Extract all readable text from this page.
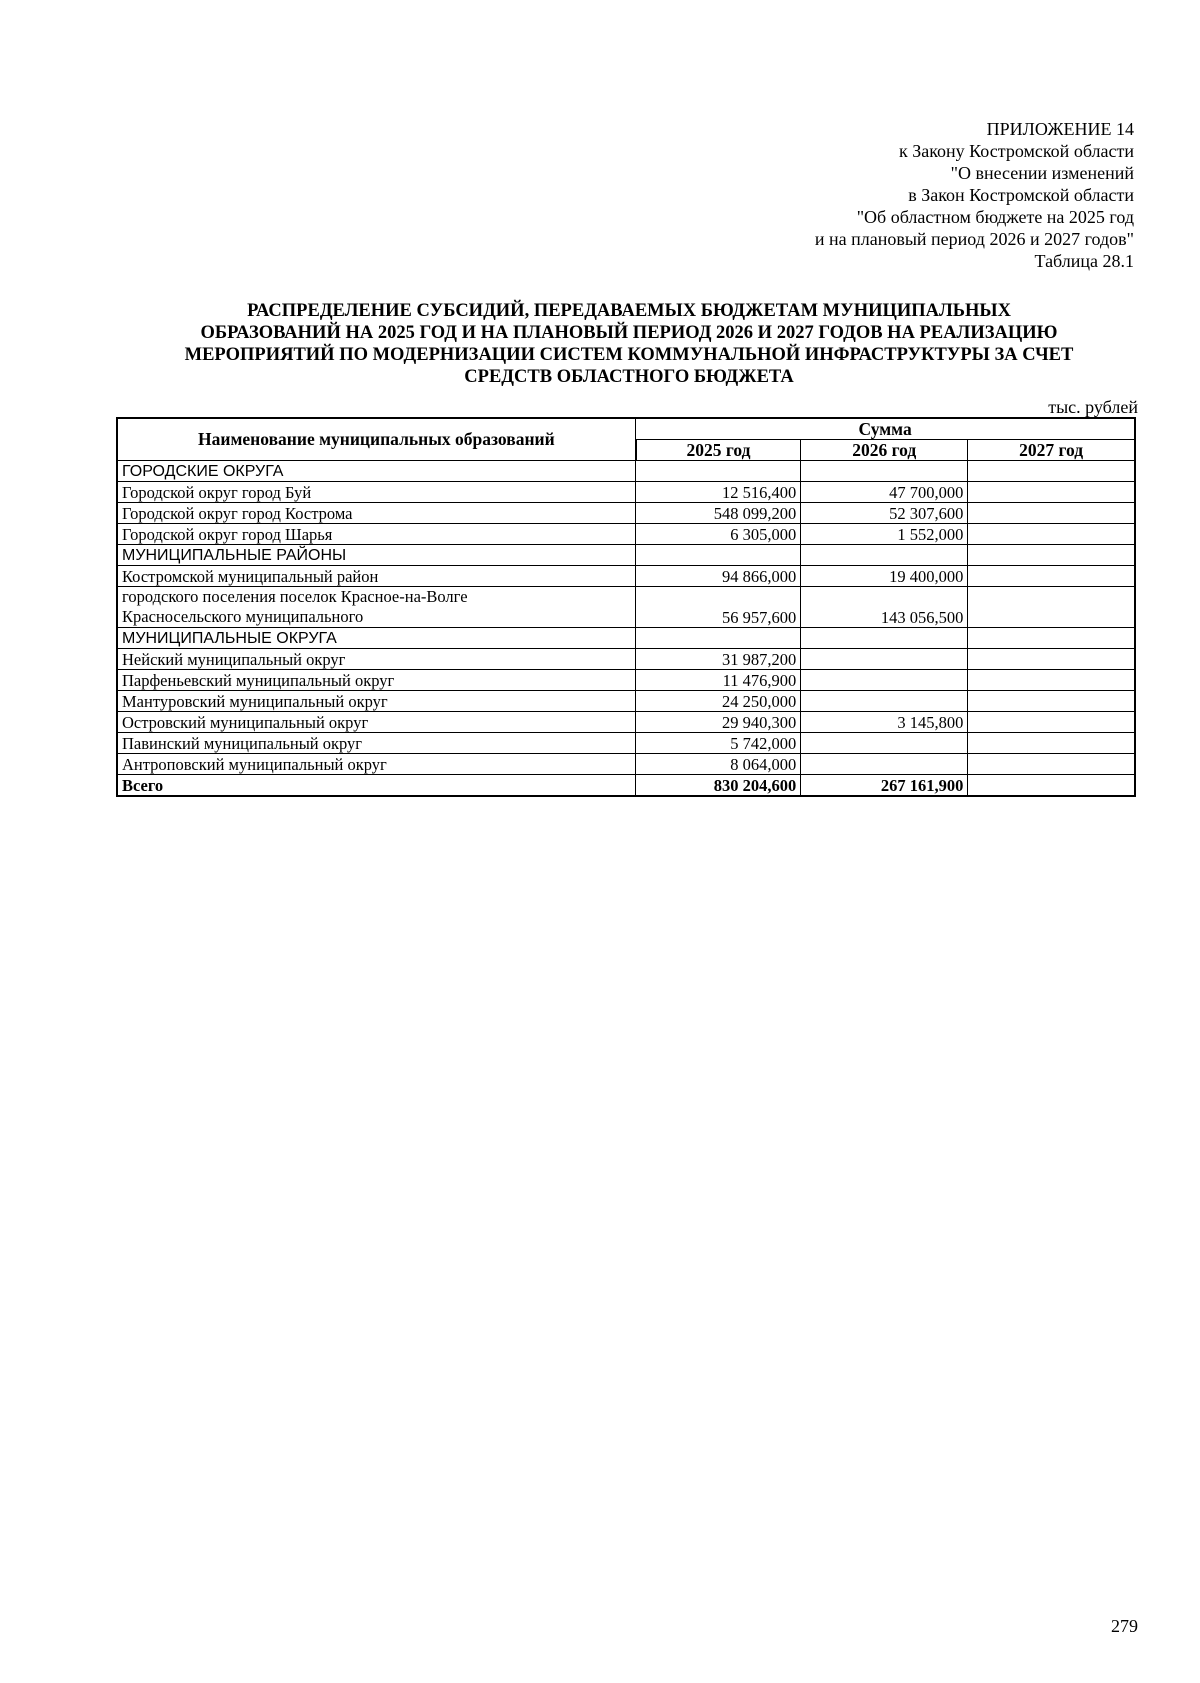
ПРИЛОЖЕНИЕ 14
к Закону Костромской области
"О внесении изменений
в Закон Костромской области
"Об областном бюджете на 2025 год
и на плановый период 2026 и 2027 годов"
Таблица 28.1
РАСПРЕДЕЛЕНИЕ СУБСИДИЙ, ПЕРЕДАВАЕМЫХ БЮДЖЕТАМ МУНИЦИПАЛЬНЫХ
ОБРАЗОВАНИЙ НА 2025 ГОД И НА ПЛАНОВЫЙ ПЕРИОД 2026 И 2027 ГОДОВ НА РЕАЛИЗАЦИЮ
МЕРОПРИЯТИЙ ПО МОДЕРНИЗАЦИИ СИСТЕМ КОММУНАЛЬНОЙ ИНФРАСТРУКТУРЫ ЗА СЧЕТ
СРЕДСТВ ОБЛАСТНОГО БЮДЖЕТА
тыс. рублей
Наименование муниципальных образований	Сумма		
	2025 год	2026 год	2027 год
ГОРОДСКИЕ ОКРУГА			
Городской округ город Буй	12 516,400	47 700,000	
Городской округ город Кострома	548 099,200	52 307,600	
Городской округ город Шарья	6 305,000	1 552,000	
МУНИЦИПАЛЬНЫЕ РАЙОНЫ			
Костромской муниципальный район	94 866,000	19 400,000	

городского поселения поселок Красное-на-Волге
Красносельского муниципального	56 957,600	143 056,500	
МУНИЦИПАЛЬНЫЕ ОКРУГА			
Нейский муниципальный округ	31 987,200		
Парфеньевский муниципальный округ	11 476,900		
Мантуровский муниципальный округ	24 250,000		
Островский муниципальный округ	29 940,300	3 145,800	
Павинский муниципальный округ	5 742,000		
Антроповский муниципальный округ	8 064,000		
Всего	830 204,600	267 161,900	
279
